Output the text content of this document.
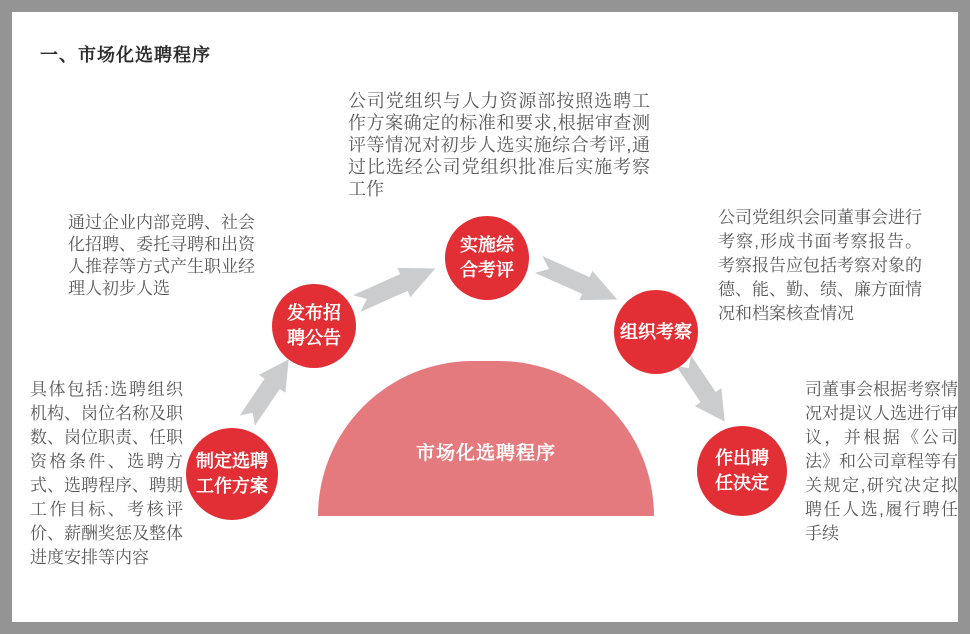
一、市场化选聘程序
公司党组织与人力资源部按照选聘工
作方案确定的标准和要求,根据审查测
评等情况对初步人选实施综合考评,通
过比选经公司党组织批准后实施考察
工作
通过企业内部竞聘、社会
化招聘、委托寻聘和出资
人推荐等方式产生职业经
理人初步人选
具体包括:选聘组织
机构、岗位名称及职
数、岗位职责、任职
资格条件、选聘方
式、选聘程序、聘期
工作目标、考核评
价、薪酬奖惩及整体
进度安排等内容
公司党组织会同董事会进行
考察,形成书面考察报告。
考察报告应包括考察对象的
德、能、勤、绩、廉方面情
况和档案核查情况
司董事会根据考察情
况对提议人选进行审
议，并根据《公司
法》和公司章程等有
关规定,研究决定拟
聘任人选,履行聘任
手续
市场化选聘程序
制定选聘
工作方案
发布招
聘公告
实施综
合考评
组织考察
作出聘
任决定
